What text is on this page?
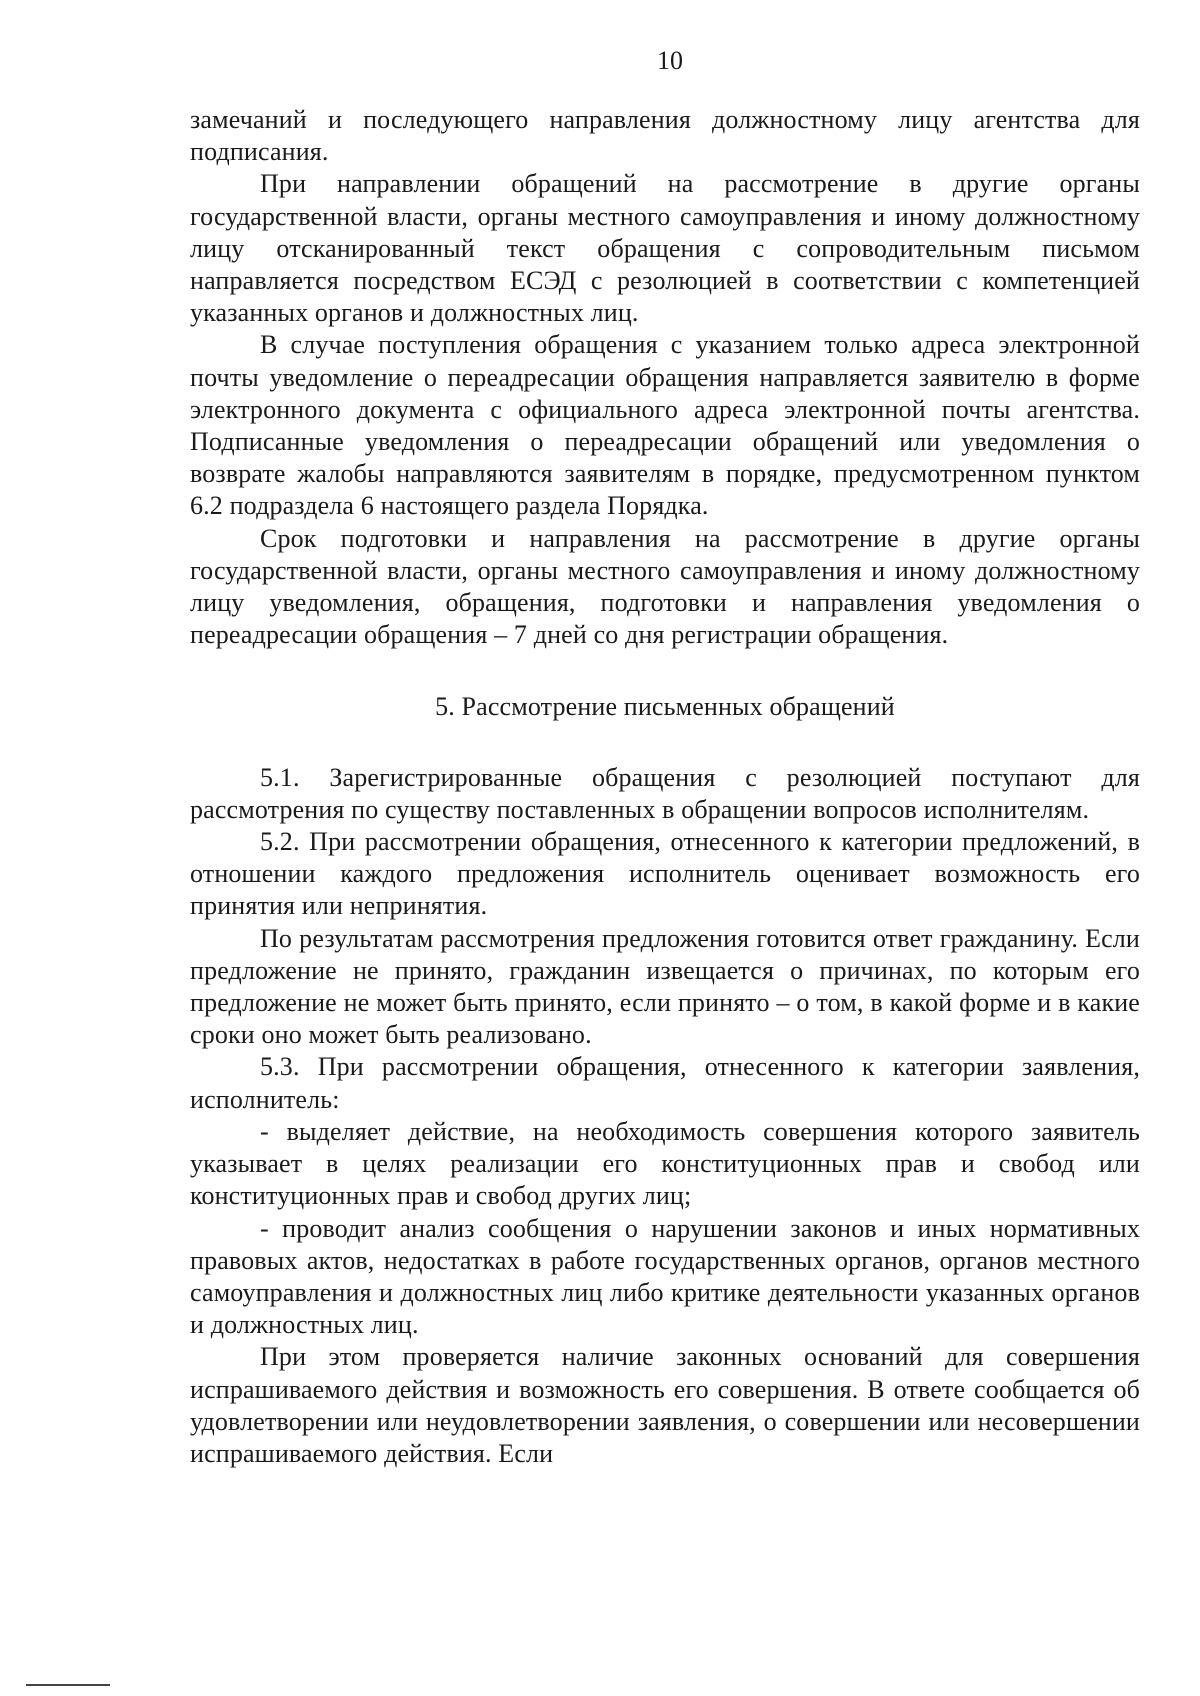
10

замечаний и последующего направления должностному лицу агентства для подписания.

При направлении обращений на рассмотрение в другие органы государственной власти, органы местного самоуправления и иному должностному лицу отсканированный текст обращения с сопроводительным письмом направляется посредством ЕСЭД с резолюцией в соответствии с компетенцией указанных органов и должностных лиц.

В случае поступления обращения с указанием только адреса электронной почты уведомление о переадресации обращения направляется заявителю в форме электронного документа с официального адреса электронной почты агентства. Подписанные уведомления о переадресации обращений или уведомления о возврате жалобы направляются заявителям в порядке, предусмотренном пунктом 6.2 подраздела 6 настоящего раздела Порядка.

Срок подготовки и направления на рассмотрение в другие органы государственной власти, органы местного самоуправления и иному должностному лицу уведомления, обращения, подготовки и направления уведомления о переадресации обращения – 7 дней со дня регистрации обращения.

5. Рассмотрение письменных обращений

5.1. Зарегистрированные обращения с резолюцией поступают для рассмотрения по существу поставленных в обращении вопросов исполнителям.

5.2. При рассмотрении обращения, отнесенного к категории предложений, в отношении каждого предложения исполнитель оценивает возможность его принятия или непринятия.

По результатам рассмотрения предложения готовится ответ гражданину. Если предложение не принято, гражданин извещается о причинах, по которым его предложение не может быть принято, если принято – о том, в какой форме и в какие сроки оно может быть реализовано.

5.3. При рассмотрении обращения, отнесенного к категории заявления, исполнитель:

- выделяет действие, на необходимость совершения которого заявитель указывает в целях реализации его конституционных прав и свобод или конституционных прав и свобод других лиц;

- проводит анализ сообщения о нарушении законов и иных нормативных правовых актов, недостатках в работе государственных органов, органов местного самоуправления и должностных лиц либо критике деятельности указанных органов и должностных лиц.

При этом проверяется наличие законных оснований для совершения испрашиваемого действия и возможность его совершения. В ответе сообщается об удовлетворении или неудовлетворении заявления, о совершении или несовершении испрашиваемого действия. Если
